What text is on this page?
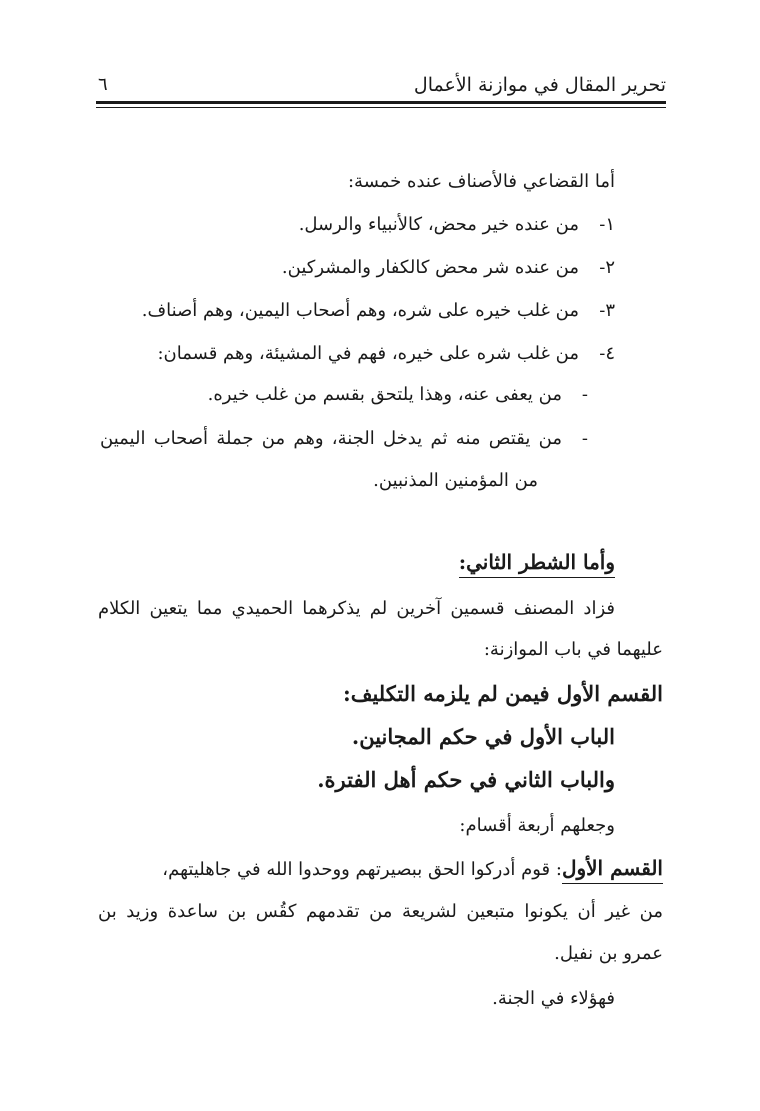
تحرير المقال في موازنة الأعمال
٦
أما القضاعي فالأصناف عنده خمسة:
١-من عنده خير محض، كالأنبياء والرسل.
٢-من عنده شر محض كالكفار والمشركين.
٣-من غلب خيره على شره، وهم أصحاب اليمين، وهم أصناف.
٤-من غلب شره على خيره، فهم في المشيئة، وهم قسمان:
-من يعفى عنه، وهذا يلتحق بقسم من غلب خيره.
-من يقتص منه ثم يدخل الجنة، وهم من جملة أصحاب اليمين
من المؤمنين المذنبين.
وأما الشطر الثاني:
فزاد المصنف قسمين آخرين لم يذكرهما الحميدي مما يتعين الكلام
عليهما في باب الموازنة:
القسم الأول فيمن لم يلزمه التكليف:
الباب الأول في حكم المجانين.
والباب الثاني في حكم أهل الفترة.
وجعلهم أربعة أقسام:
القسم الأول: قوم أدركوا الحق ببصيرتهم ووحدوا الله في جاهليتهم،
من غير أن يكونوا متبعين لشريعة من تقدمهم كقُس بن ساعدة وزيد بن
عمرو بن نفيل.
فهؤلاء في الجنة.
